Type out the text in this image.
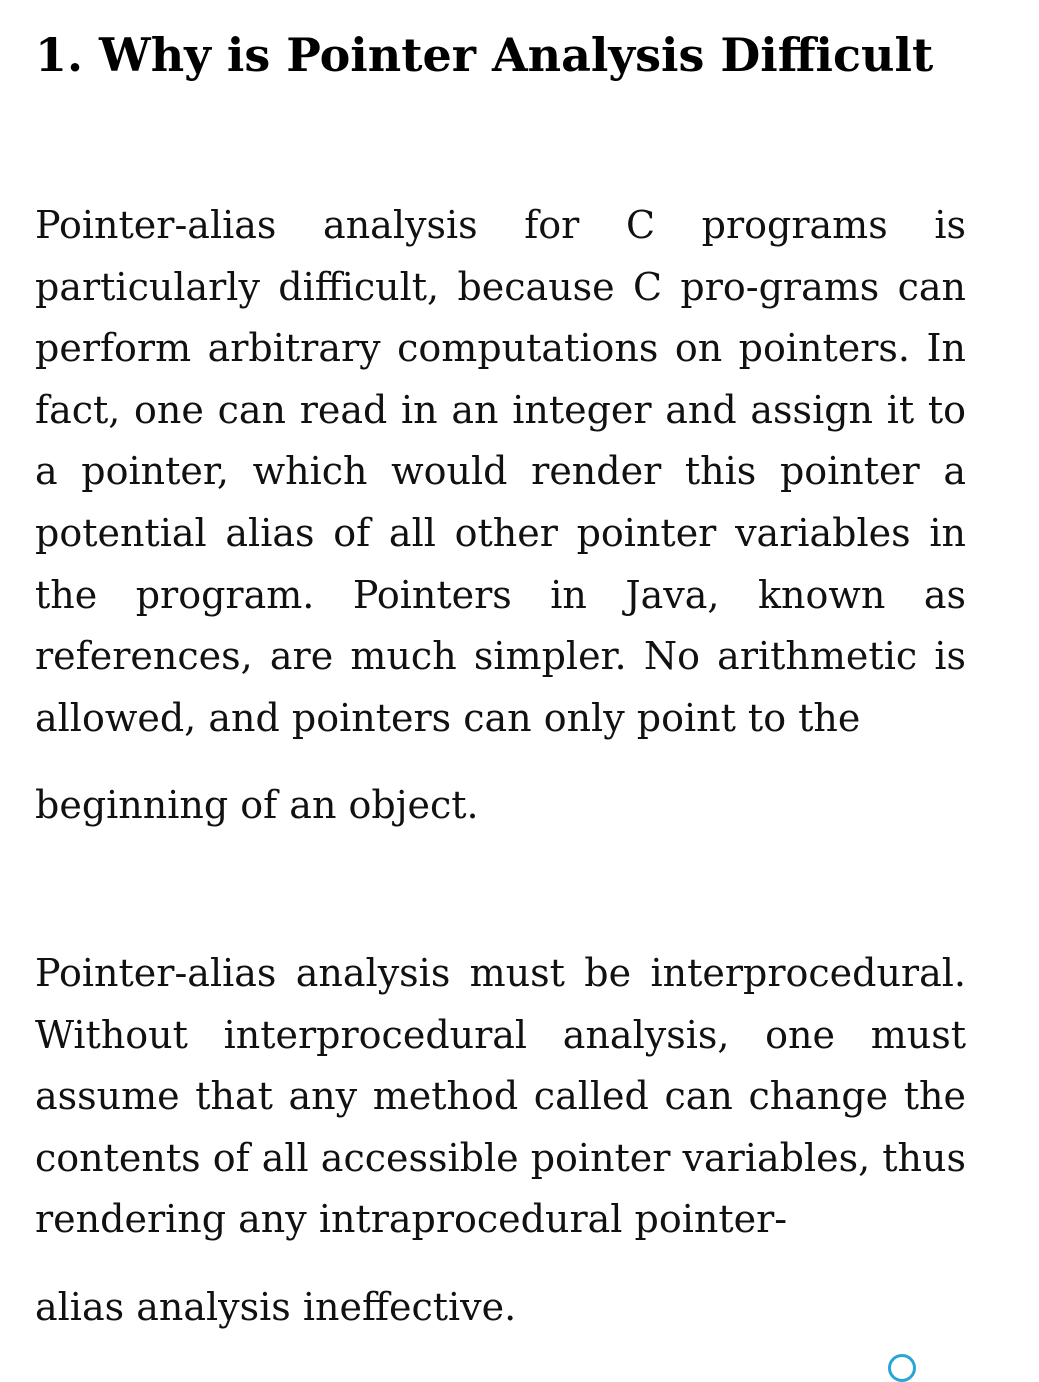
1. Why is Pointer Analysis Difficult

Pointer-alias analysis for C programs is particularly difficult, because C pro-grams can perform arbitrary computations on pointers. In fact, one can read in an integer and assign it to a pointer, which would render this pointer a potential alias of all other pointer variables in the program. Pointers in Java, known as references, are much simpler. No arithmetic is allowed, and pointers can only point to the

beginning of an object.

Pointer-alias analysis must be interprocedural. Without interprocedural analysis, one must assume that any method called can change the contents of all accessible pointer variables, thus rendering any intraprocedural pointer-

alias analysis ineffective.
